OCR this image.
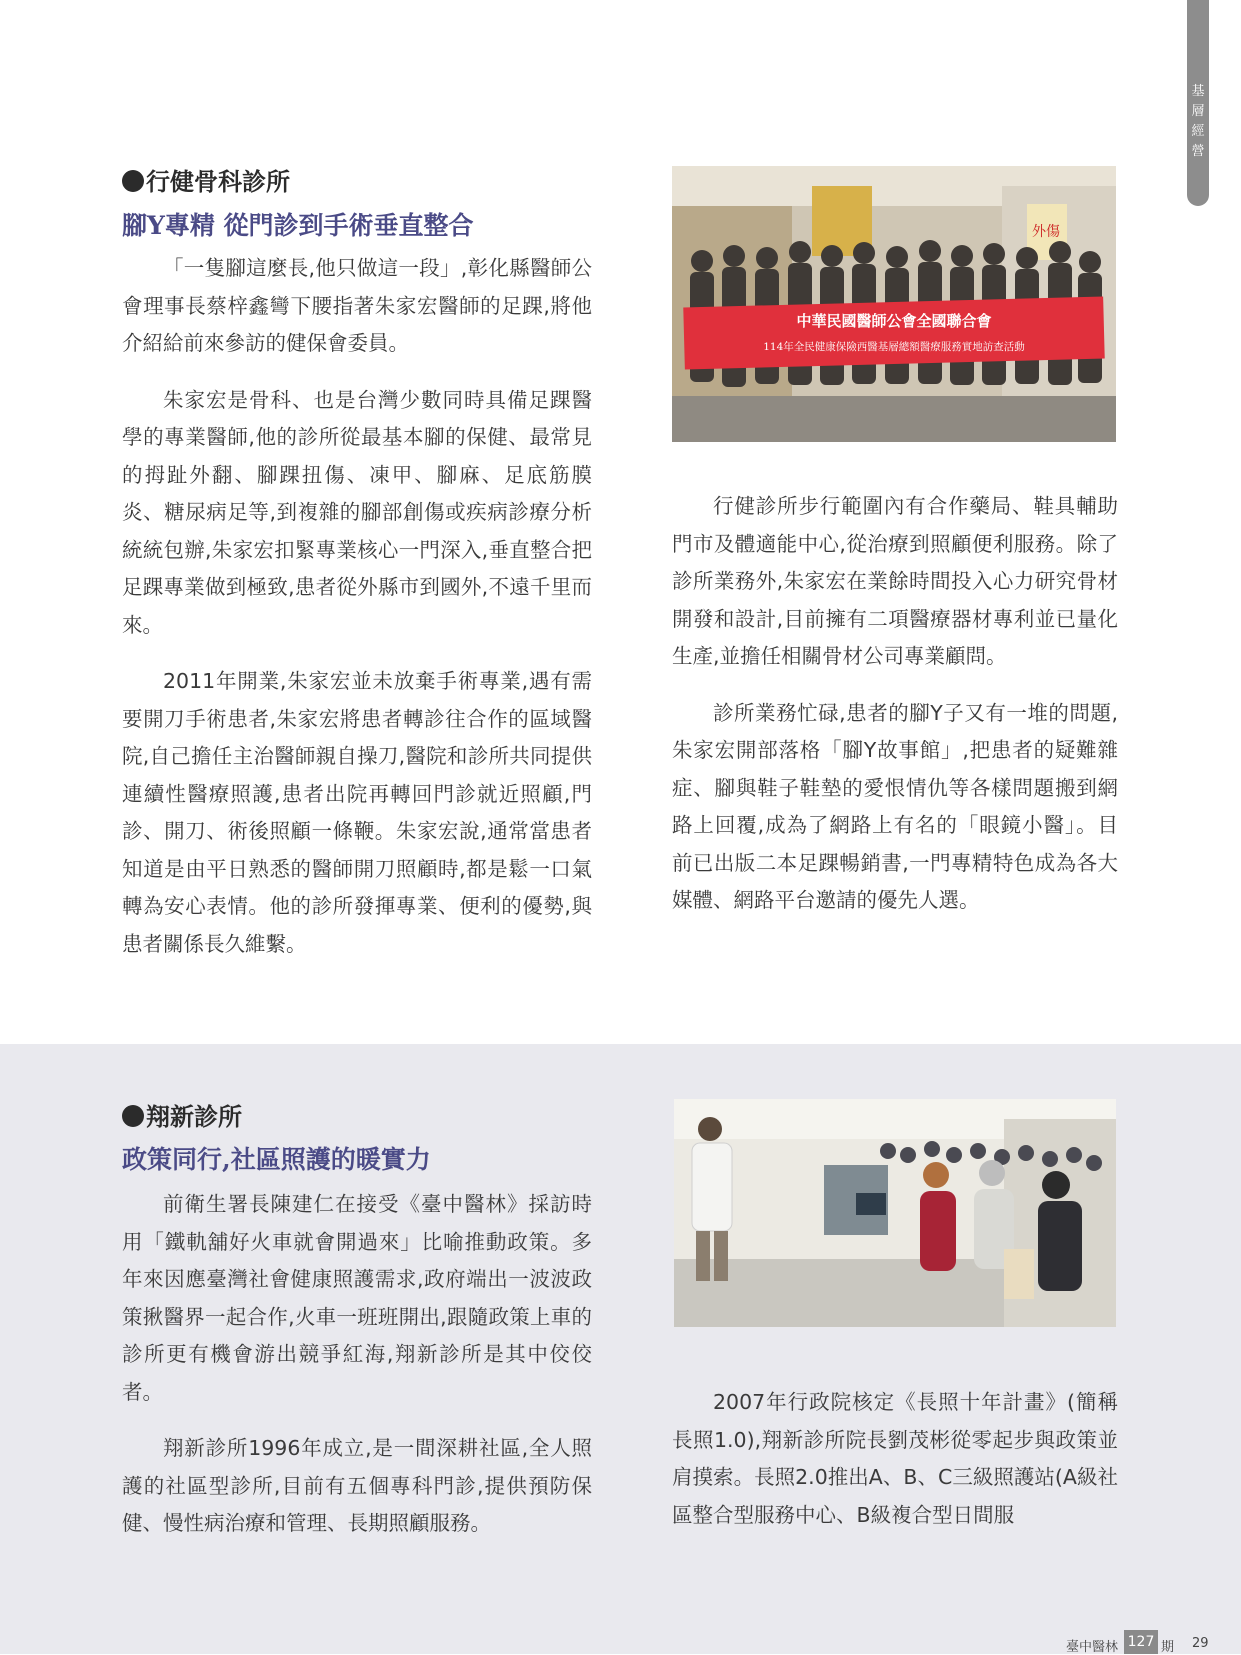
基
層
經
營
行健骨科診所
腳Y專精 從門診到手術垂直整合

「一隻腳這麼長,他只做這一段」,彰化縣醫師公會理事長蔡梓鑫彎下腰指著朱家宏醫師的足踝,將他介紹給前來參訪的健保會委員。

朱家宏是骨科、也是台灣少數同時具備足踝醫學的專業醫師,他的診所從最基本腳的保健、最常見的拇趾外翻、腳踝扭傷、凍甲、腳麻、足底筋膜炎、糖尿病足等,到複雜的腳部創傷或疾病診療分析統統包辦,朱家宏扣緊專業核心一門深入,垂直整合把足踝專業做到極致,患者從外縣市到國外,不遠千里而來。

2011年開業,朱家宏並未放棄手術專業,遇有需要開刀手術患者,朱家宏將患者轉診往合作的區域醫院,自己擔任主治醫師親自操刀,醫院和診所共同提供連續性醫療照護,患者出院再轉回門診就近照顧,門診、開刀、術後照顧一條鞭。朱家宏說,通常當患者知道是由平日熟悉的醫師開刀照顧時,都是鬆一口氣轉為安心表情。他的診所發揮專業、便利的優勢,與患者關係長久維繫。

外傷
中華民國醫師公會全國聯合會
114年全民健康保險西醫基層總額醫療服務實地訪查活動

行健診所步行範圍內有合作藥局、鞋具輔助門市及體適能中心,從治療到照顧便利服務。除了診所業務外,朱家宏在業餘時間投入心力研究骨材開發和設計,目前擁有二項醫療器材專利並已量化生產,並擔任相關骨材公司專業顧問。

診所業務忙碌,患者的腳Y子又有一堆的問題,朱家宏開部落格「腳Y故事館」,把患者的疑難雜症、腳與鞋子鞋墊的愛恨情仇等各樣問題搬到網路上回覆,成為了網路上有名的「眼鏡小醫」。目前已出版二本足踝暢銷書,一門專精特色成為各大媒體、網路平台邀請的優先人選。

翔新診所
政策同行,社區照護的暖實力

前衛生署長陳建仁在接受《臺中醫林》採訪時用「鐵軌舖好火車就會開過來」比喻推動政策。多年來因應臺灣社會健康照護需求,政府端出一波波政策揪醫界一起合作,火車一班班開出,跟隨政策上車的診所更有機會游出競爭紅海,翔新診所是其中佼佼者。

翔新診所1996年成立,是一間深耕社區,全人照護的社區型診所,目前有五個專科門診,提供預防保健、慢性病治療和管理、長期照顧服務。

2007年行政院核定《長照十年計畫》(簡稱長照1.0),翔新診所院長劉茂彬從零起步與政策並肩摸索。長照2.0推出A、B、C三級照護站(A級社區整合型服務中心、B級複合型日間服

臺中醫林 127 期 29
